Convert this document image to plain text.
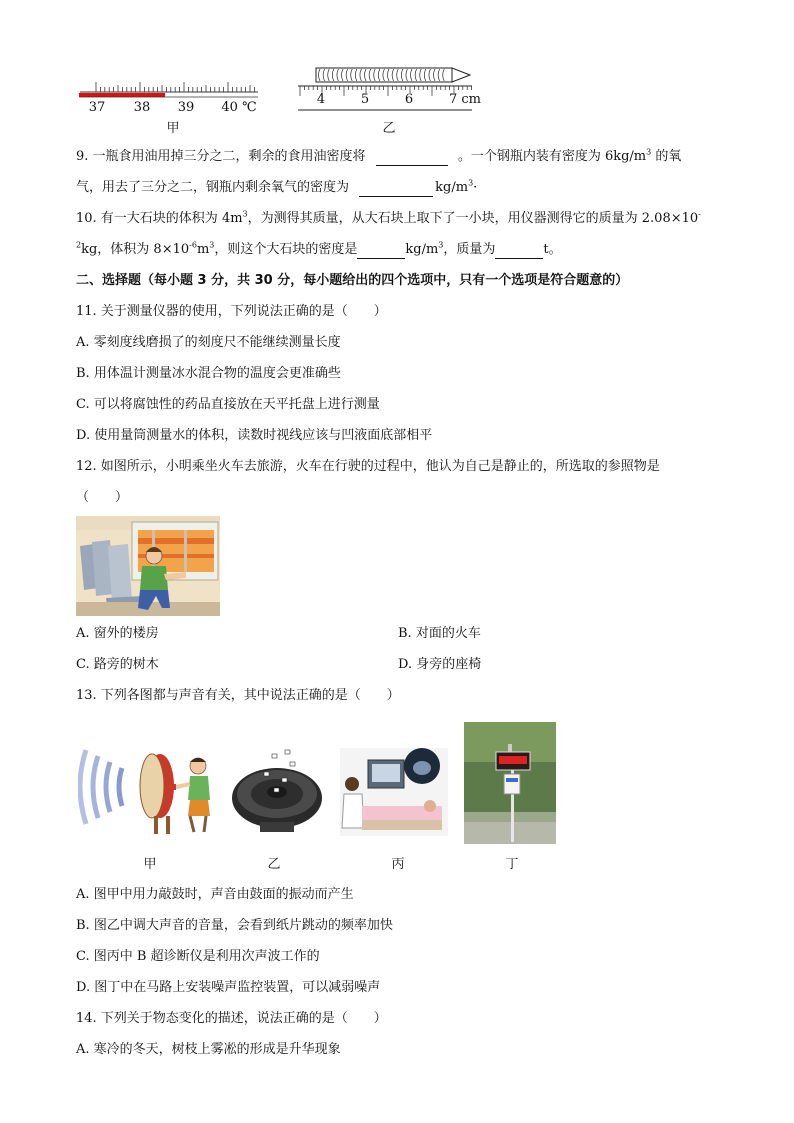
37	38	39	40 ℃
甲
4	5	6	7 cm
乙
9. 一瓶食用油用掉三分之二，剩余的食用油密度将	。一个钢瓶内装有密度为 $6kg/m^3$ 的氧
气，用去了三分之二，钢瓶内剩余氧气的密度为	$kg/m^3\cdot$
10. 有一大石块的体积为 $4m^3$，为测得其质量，从大石块上取下了一小块，用仪器测得它的质量为 2.08×10-
$^2$kg，体积为 $8\times 10^{-6}m^3$，则这个大石块的密度是	$kg/m^3$，质量为	t。
二、选择题（每小题 3 分，共 30 分，每小题给出的四个选项中，只有一个选项是符合题意的）
11. 关于测量仪器的使用，下列说法正确的是（　　）
A. 零刻度线磨损了的刻度尺不能继续测量长度
B. 用体温计测量冰水混合物的温度会更准确些
C. 可以将腐蚀性的药品直接放在天平托盘上进行测量
D. 使用量筒测量水的体积，读数时视线应该与凹液面底部相平
12. 如图所示，小明乘坐火车去旅游，火车在行驶的过程中，他认为自己是静止的，所选取的参照物是
（　　）
A. 窗外的楼房	B. 对面的火车
C. 路旁的树木	D. 身旁的座椅
13. 下列各图都与声音有关，其中说法正确的是（　　）
甲	乙	丙	丁
A. 图甲中用力敲鼓时，声音由鼓面的振动而产生
B. 图乙中调大声音的音量，会看到纸片跳动的频率加快
C. 图丙中 B 超诊断仪是利用次声波工作的
D. 图丁中在马路上安装噪声监控装置，可以减弱噪声
14. 下列关于物态变化的描述，说法正确的是（　　）
A. 寒冷的冬天，树枝上雾凇的形成是升华现象
